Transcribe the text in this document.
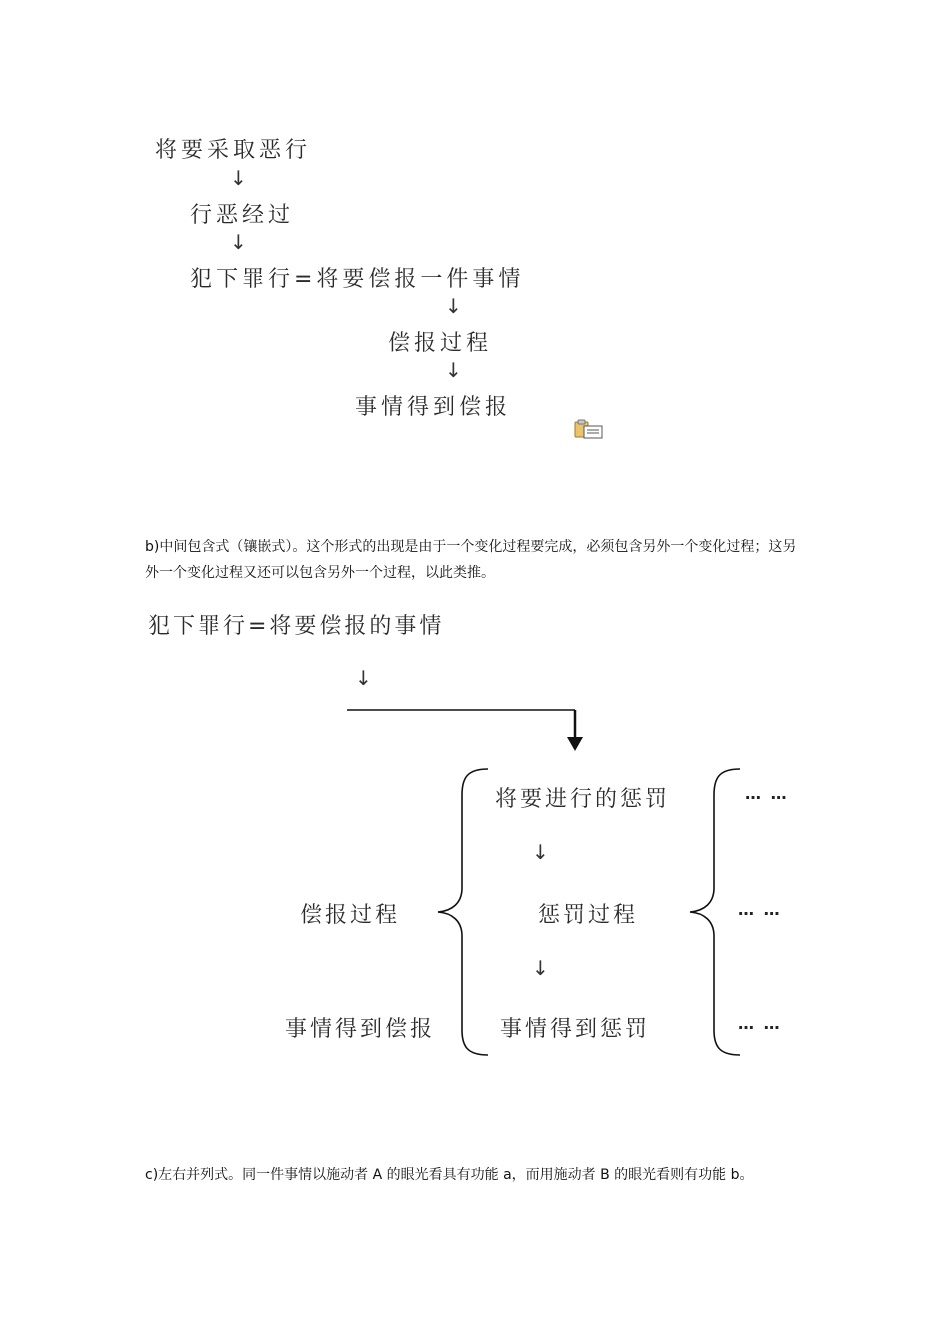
将要采取恶行
↓
行恶经过
↓
犯下罪行=将要偿报一件事情
↓
偿报过程
↓
事情得到偿报
b)中间包含式（镶嵌式）。这个形式的出现是由于一个变化过程要完成，必须包含另外一个变化过程；这另外一个变化过程又还可以包含另外一个过程，以此类推。
犯下罪行=将要偿报的事情
↓
将要进行的惩罚
↓
惩罚过程
↓
事情得到惩罚
偿报过程
事情得到偿报
… …
… …
… …
c)左右并列式。同一件事情以施动者 A 的眼光看具有功能 a，而用施动者 B 的眼光看则有功能 b。
